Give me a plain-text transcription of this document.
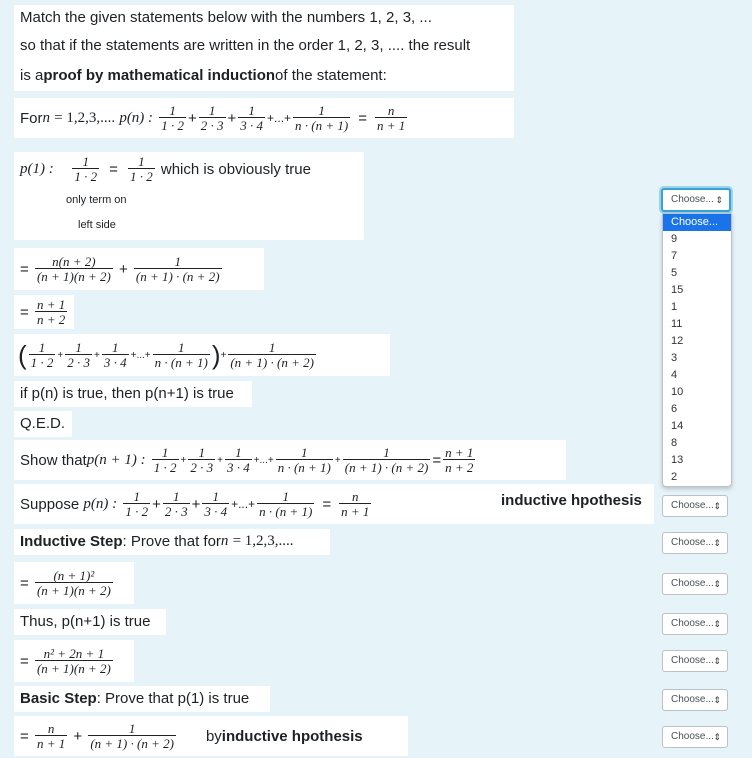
Match the given statements below with the numbers 1, 2, 3, ...
so that if the statements are written in the order 1, 2, 3, .... the result
is a proof by mathematical induction of the statement:
For n
= 1,2,3,....
p(n) :
$\frac{1}{1 \cdot 2} + \frac{1}{2 \cdot 3} + \frac{1}{3 \cdot 4}$ +...+ $\frac{1}{n \cdot (n + 1)} = \frac{n}{n + 1}$
p(1) :
$\frac{1}{1 \cdot 2} = \frac{1}{1 \cdot 2}$
which is obviously true
only term on
left side
=
$\frac{n(n + 2)}{(n + 1)(n + 2)} + \frac{1}{(n + 1) \cdot (n + 2)}$
=
$\frac{n + 1}{n + 2}$
( $\frac{1}{1 \cdot 2} + \frac{1}{2 \cdot 3} + \frac{1}{3 \cdot 4}$ +...+ $\frac{1}{n \cdot (n + 1)}$ ) + $\frac{1}{(n + 1) \cdot (n + 2)}$
if p(n) is true, then p(n+1) is true
Q.E.D.
Show that p(n + 1) :
$\frac{1}{1 \cdot 2} + \frac{1}{2 \cdot 3} + \frac{1}{3 \cdot 4}$ +...+ $\frac{1}{n \cdot (n + 1)} + \frac{1}{(n + 1) \cdot (n + 2)} = \frac{n + 1}{n + 2}$
Suppose
p(n) :
$\frac{1}{1 \cdot 2} + \frac{1}{2 \cdot 3} + \frac{1}{3 \cdot 4}$ +...+ $\frac{1}{n \cdot (n + 1)} = \frac{n}{n + 1}$	inductive hpothesis
Inductive Step : Prove that for n
= 1,2,3,....
=
$\frac{\text{(n + 1)²}}{(n + 1)(n + 2)}$
Thus, p(n+1) is true
=
$\frac{\text{n² + 2n + 1}}{(n + 1)(n + 2)}$
Basic Step : Prove that p(1) is true
=
$\frac{n}{n + 1} + \frac{1}{(n + 1) \cdot (n + 2)}$ by inductive hpothesis
Choose... ⇕
Choose... ⇕
Choose... ⇕
Choose... ⇕
Choose... ⇕
Choose... ⇕
Choose... ⇕
Choose... ⇕
Choose...
9
7
5
15
1
11
12
3
4
10
6
14
8
13
2
